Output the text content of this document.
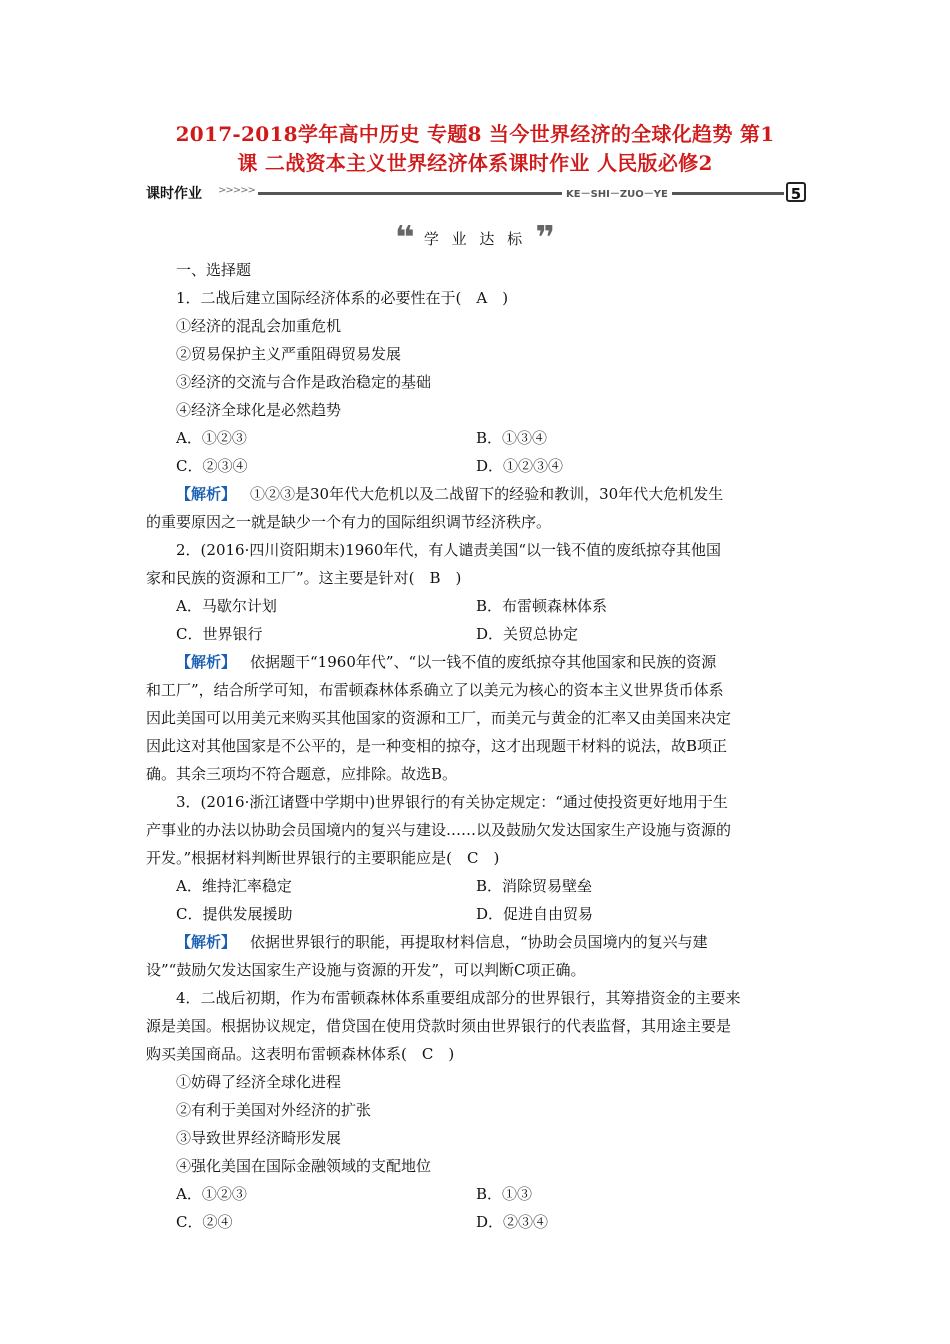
2017-2018学年高中历史 专题8 当今世界经济的全球化趋势 第1
课 二战资本主义世界经济体系课时作业 人民版必修2
课时作业 >>>>>	KE－SHI－ZUO－YE	5
❝ 学 业 达 标 ❞
一、选择题
1．二战后建立国际经济体系的必要性在于(　A　)
①经济的混乱会加重危机
②贸易保护主义严重阻碍贸易发展
③经济的交流与合作是政治稳定的基础
④经济全球化是必然趋势
A．①②③	B．①③④
C．②③④	D．①②③④
【解析】 ①②③是30年代大危机以及二战留下的经验和教训，30年代大危机发生
的重要原因之一就是缺少一个有力的国际组织调节经济秩序。
2．(2016·四川资阳期末)1960年代，有人谴责美国“以一钱不值的废纸掠夺其他国
家和民族的资源和工厂”。这主要是针对(　B　)
A．马歇尔计划	B．布雷顿森林体系
C．世界银行	D．关贸总协定
【解析】 依据题干“1960年代”、“以一钱不值的废纸掠夺其他国家和民族的资源
和工厂”，结合所学可知，布雷顿森林体系确立了以美元为核心的资本主义世界货币体系
因此美国可以用美元来购买其他国家的资源和工厂，而美元与黄金的汇率又由美国来决定
因此这对其他国家是不公平的，是一种变相的掠夺，这才出现题干材料的说法，故B项正
确。其余三项均不符合题意，应排除。故选B。
3．(2016·浙江诸暨中学期中)世界银行的有关协定规定：“通过使投资更好地用于生
产事业的办法以协助会员国境内的复兴与建设……以及鼓励欠发达国家生产设施与资源的
开发。”根据材料判断世界银行的主要职能应是(　C　)
A．维持汇率稳定	B．消除贸易壁垒
C．提供发展援助	D．促进自由贸易
【解析】 依据世界银行的职能，再提取材料信息，“协助会员国境内的复兴与建
设”“鼓励欠发达国家生产设施与资源的开发”，可以判断C项正确。
4．二战后初期，作为布雷顿森林体系重要组成部分的世界银行，其筹措资金的主要来
源是美国。根据协议规定，借贷国在使用贷款时须由世界银行的代表监督，其用途主要是
购买美国商品。这表明布雷顿森林体系(　C　)
①妨碍了经济全球化进程
②有利于美国对外经济的扩张
③导致世界经济畸形发展
④强化美国在国际金融领域的支配地位
A．①②③	B．①③
C．②④	D．②③④
